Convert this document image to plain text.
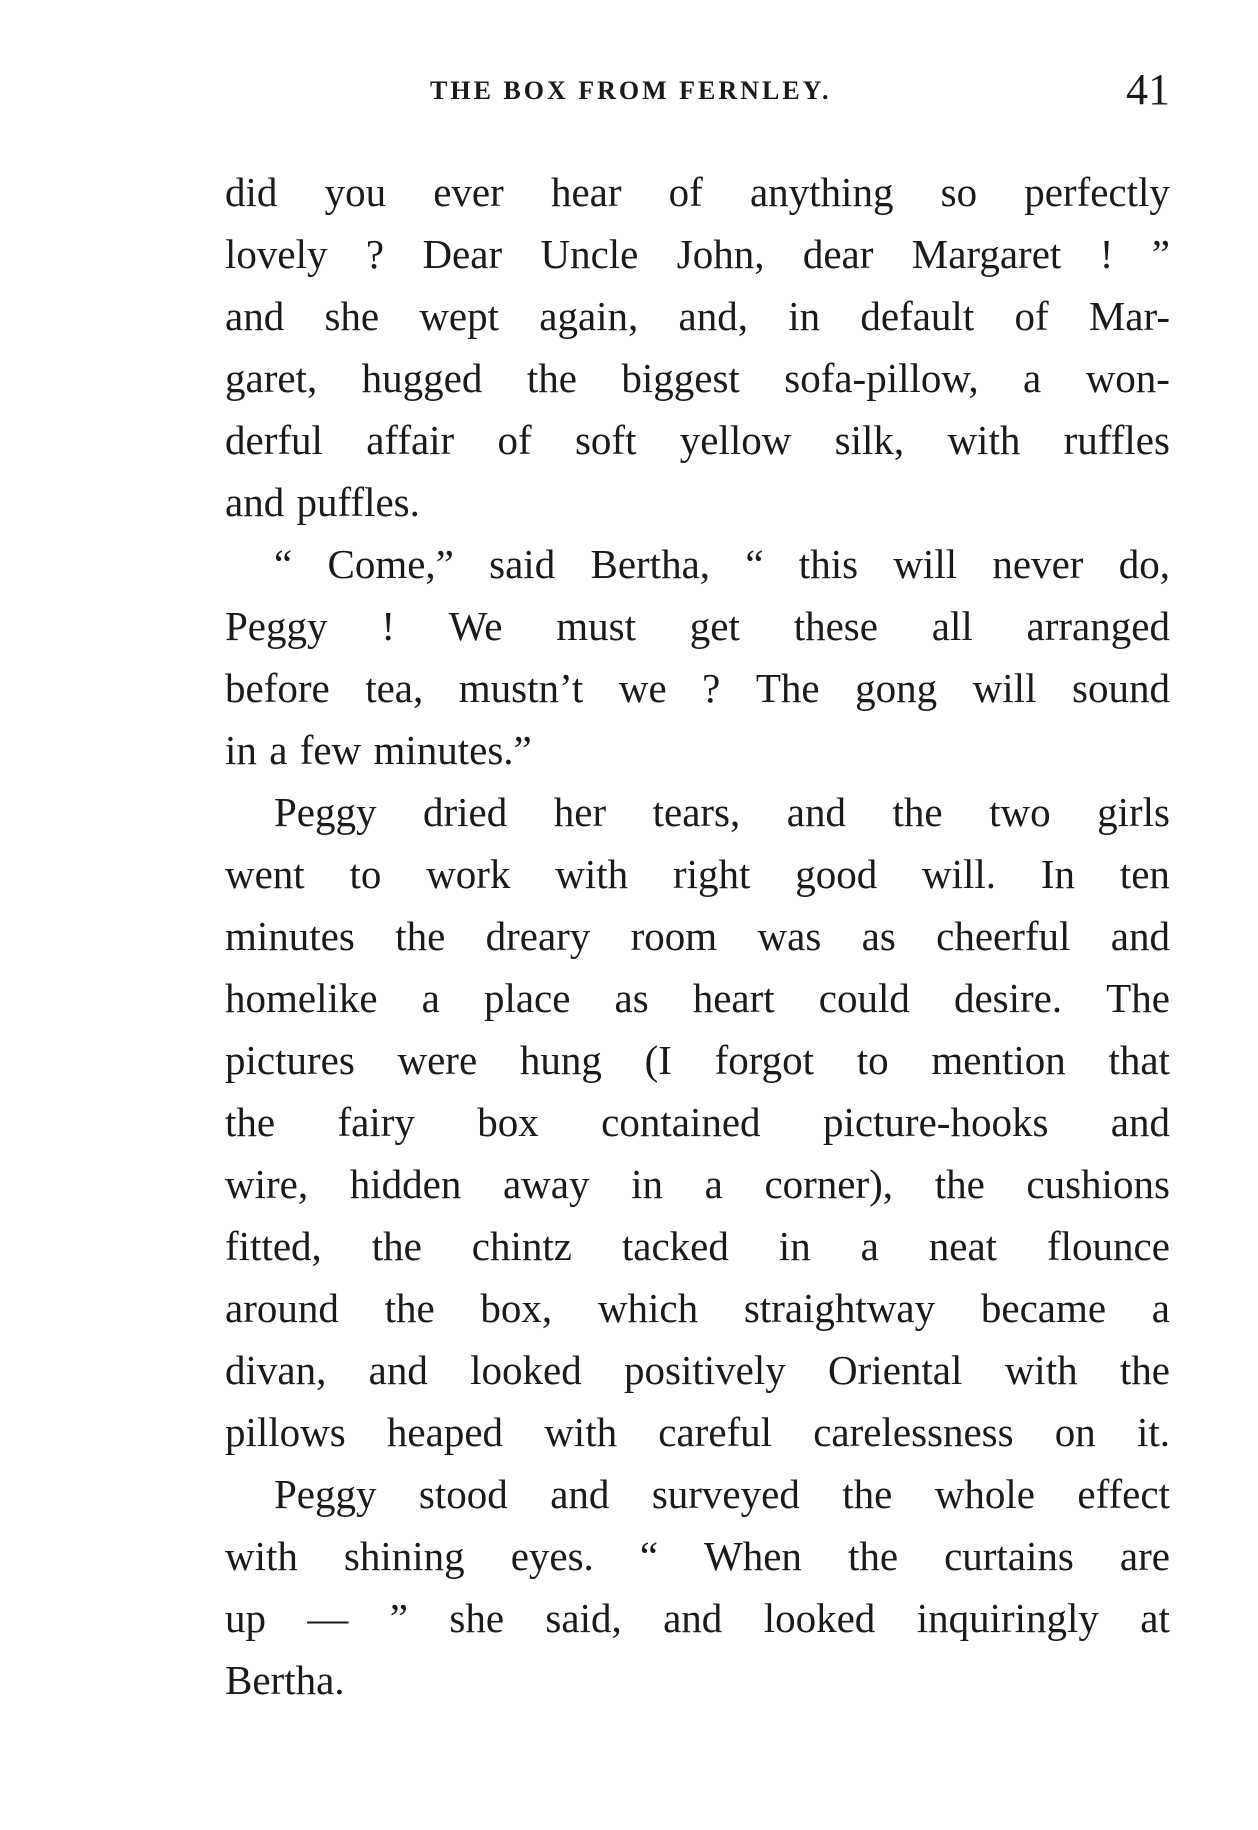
THE BOX FROM FERNLEY.	41
did you ever hear of anything so perfectly
lovely ? Dear Uncle John, dear Margaret ! ”
and she wept again, and, in default of Mar-
garet, hugged the biggest sofa-pillow, a won-
derful affair of soft yellow silk, with ruffles
and puffles.
“ Come,” said Bertha, “ this will never do,
Peggy ! We must get these all arranged
before tea, mustn’t we ? The gong will sound
in a few minutes.”
Peggy dried her tears, and the two girls
went to work with right good will. In ten
minutes the dreary room was as cheerful and
homelike a place as heart could desire. The
pictures were hung (I forgot to mention that
the fairy box contained picture-hooks and
wire, hidden away in a corner), the cushions
fitted, the chintz tacked in a neat flounce
around the box, which straightway became a
divan, and looked positively Oriental with the
pillows heaped with careful carelessness on it.
Peggy stood and surveyed the whole effect
with shining eyes. “ When the curtains are
up — ” she said, and looked inquiringly at
Bertha.
